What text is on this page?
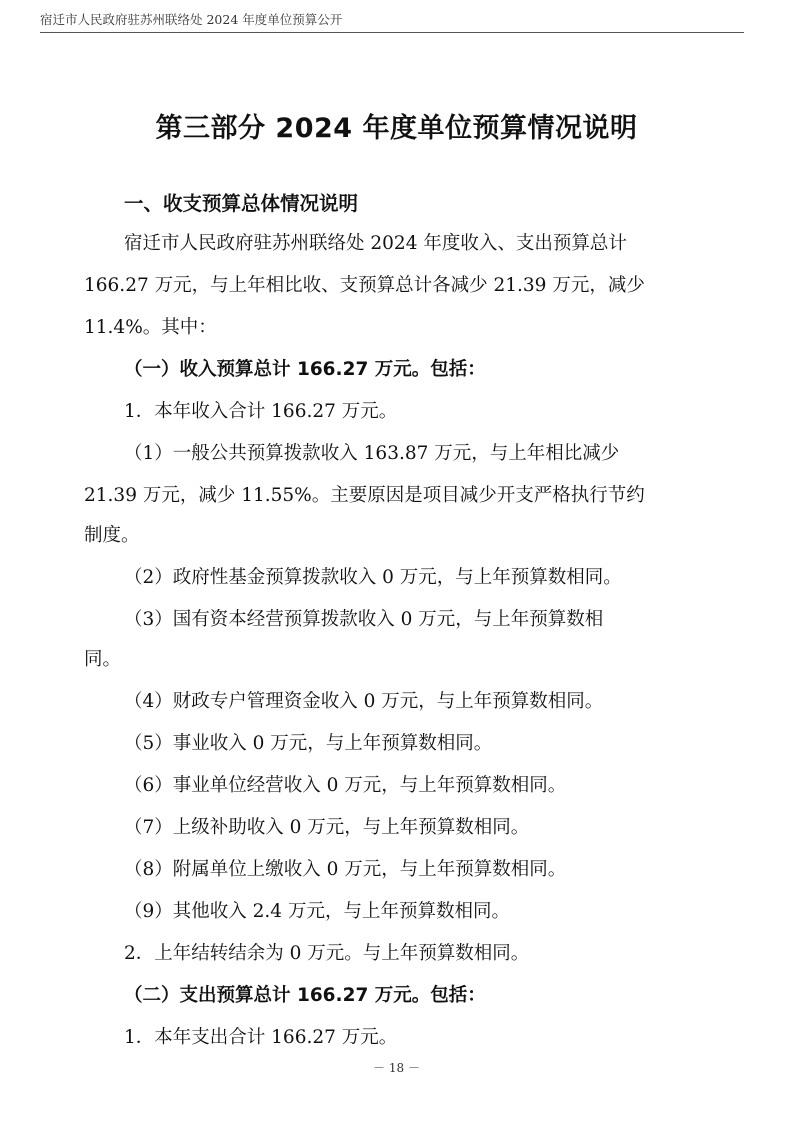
宿迁市人民政府驻苏州联络处 2024 年度单位预算公开
第三部分 2024 年度单位预算情况说明
一、收支预算总体情况说明
宿迁市人民政府驻苏州联络处 2024 年度收入、支出预算总计
166.27 万元，与上年相比收、支预算总计各减少 21.39 万元，减少
11.4%。其中：
（一）收入预算总计 166.27 万元。包括：
1．本年收入合计 166.27 万元。
（1）一般公共预算拨款收入 163.87 万元，与上年相比减少
21.39 万元，减少 11.55%。主要原因是项目减少开支严格执行节约
制度。
（2）政府性基金预算拨款收入 0 万元，与上年预算数相同。
（3）国有资本经营预算拨款收入 0 万元，与上年预算数相
同。
（4）财政专户管理资金收入 0 万元，与上年预算数相同。
（5）事业收入 0 万元，与上年预算数相同。
（6）事业单位经营收入 0 万元，与上年预算数相同。
（7）上级补助收入 0 万元，与上年预算数相同。
（8）附属单位上缴收入 0 万元，与上年预算数相同。
（9）其他收入 2.4 万元，与上年预算数相同。
2．上年结转结余为 0 万元。与上年预算数相同。
（二）支出预算总计 166.27 万元。包括：
1．本年支出合计 166.27 万元。
－ 18 －
